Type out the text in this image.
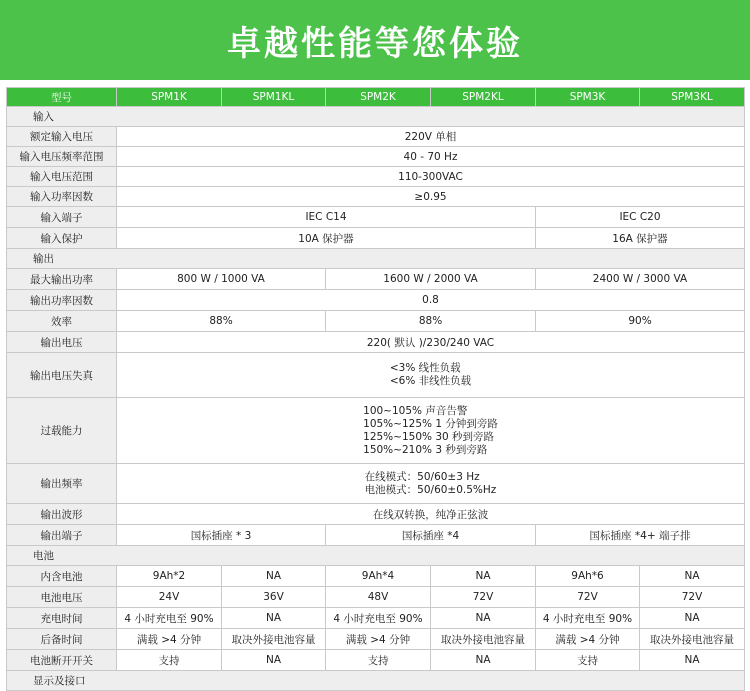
卓越性能等您体验
型号	SPM1K	SPM1KL	SPM2K	SPM2KL	SPM3K	SPM3KL
输入						
额定输入电压	220V 单相					
输入电压频率范围	40 - 70 Hz					
输入电压范围	110-300VAC					
输入功率因数	≥0.95					
输入端子	IEC C14				IEC C20	
输入保护	10A 保护器				16A 保护器	
输出						
最大输出功率	800 W / 1000 VA		1600 W / 2000 VA		2400 W / 3000 VA	
输出功率因数	0.8					
效率	88%		88%		90%	
输出电压	220( 默认 )/230/240 VAC					
输出电压失真	<3% 线性负载
<6% 非线性负载					
过载能力	100~105% 声音告警
105%~125% 1 分钟到旁路
125%~150% 30 秒到旁路
150%~210% 3 秒到旁路					
输出频率	在线模式：50/60±3 Hz
电池模式：50/60±0.5%Hz					
输出波形	在线双转换，纯净正弦波					
输出端子	国标插座 * 3		国标插座 *4		国标插座 *4+ 端子排	
电池						
内含电池	9Ah*2	NA	9Ah*4	NA	9Ah*6	NA
电池电压	24V	36V	48V	72V	72V	72V
充电时间	4 小时充电至 90%	NA	4 小时充电至 90%	NA	4 小时充电至 90%	NA
后备时间	满载 >4 分钟	取决外接电池容量	满载 >4 分钟	取决外接电池容量	满载 >4 分钟	取决外接电池容量
电池断开开关	支持	NA	支持	NA	支持	NA
显示及接口						
